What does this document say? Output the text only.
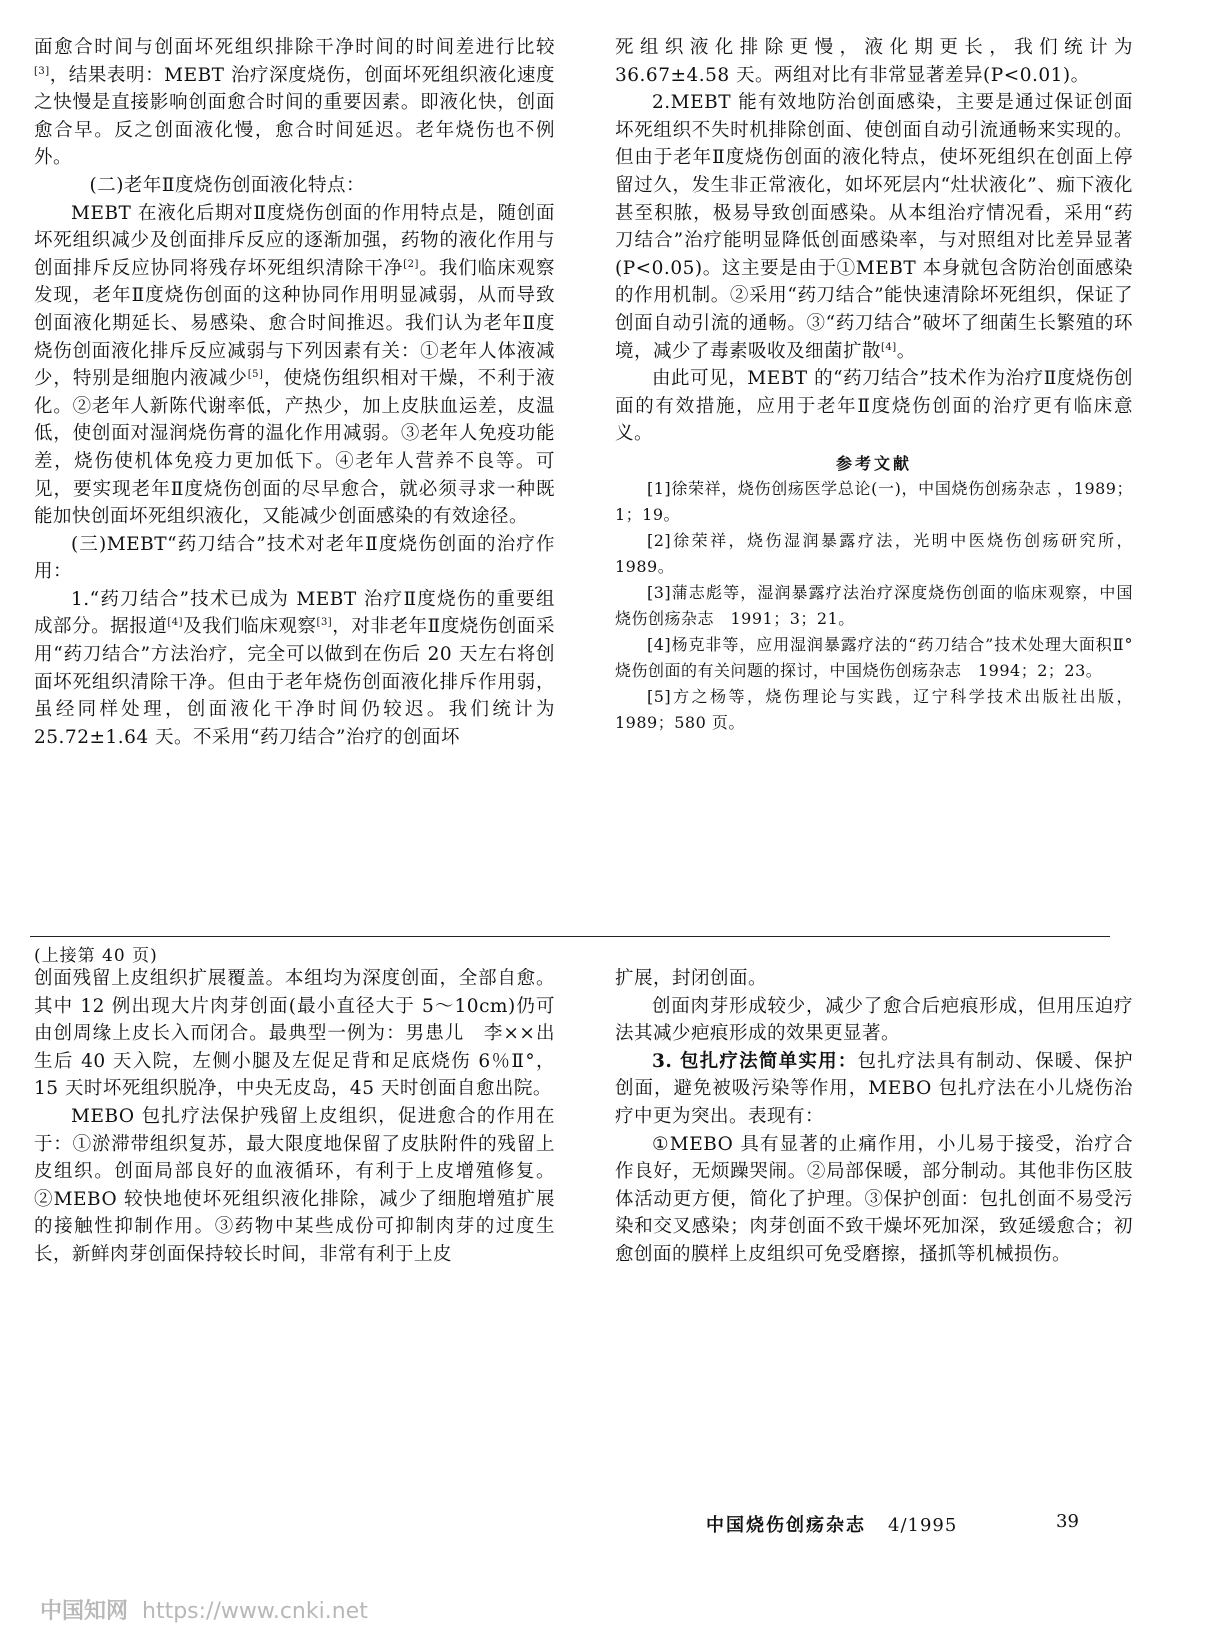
面愈合时间与创面坏死组织排除干净时间的时间差进行比较[3]，结果表明：MEBT 治疗深度烧伤，创面坏死组织液化速度之快慢是直接影响创面愈合时间的重要因素。即液化快，创面愈合早。反之创面液化慢，愈合时间延迟。老年烧伤也不例外。

(二)老年Ⅱ度烧伤创面液化特点：

MEBT 在液化后期对Ⅱ度烧伤创面的作用特点是，随创面坏死组织减少及创面排斥反应的逐渐加强，药物的液化作用与创面排斥反应协同将残存坏死组织清除干净[2]。我们临床观察发现，老年Ⅱ度烧伤创面的这种协同作用明显减弱，从而导致创面液化期延长、易感染、愈合时间推迟。我们认为老年Ⅱ度烧伤创面液化排斥反应减弱与下列因素有关：①老年人体液减少，特别是细胞内液减少[5]，使烧伤组织相对干燥，不利于液化。②老年人新陈代谢率低，产热少，加上皮肤血运差，皮温低，使创面对湿润烧伤膏的温化作用减弱。③老年人免疫功能差，烧伤使机体免疫力更加低下。④老年人营养不良等。可见，要实现老年Ⅱ度烧伤创面的尽早愈合，就必须寻求一种既能加快创面坏死组织液化，又能减少创面感染的有效途径。

(三)MEBT“药刀结合”技术对老年Ⅱ度烧伤创面的治疗作用：

1.“药刀结合”技术已成为 MEBT 治疗Ⅱ度烧伤的重要组成部分。据报道[4]及我们临床观察[3]，对非老年Ⅱ度烧伤创面采用“药刀结合”方法治疗，完全可以做到在伤后 20 天左右将创面坏死组织清除干净。但由于老年烧伤创面液化排斥作用弱，虽经同样处理，创面液化干净时间仍较迟。我们统计为 25.72±1.64 天。不采用“药刀结合”治疗的创面坏

死组织液化排除更慢，液化期更长，我们统计为 36.67±4.58 天。两组对比有非常显著差异(P<0.01)。

2.MEBT 能有效地防治创面感染，主要是通过保证创面坏死组织不失时机排除创面、使创面自动引流通畅来实现的。但由于老年Ⅱ度烧伤创面的液化特点，使坏死组织在创面上停留过久，发生非正常液化，如坏死层内“灶状液化”、痂下液化甚至积脓，极易导致创面感染。从本组治疗情况看，采用“药刀结合”治疗能明显降低创面感染率，与对照组对比差异显著(P<0.05)。这主要是由于①MEBT 本身就包含防治创面感染的作用机制。②采用“药刀结合”能快速清除坏死组织，保证了创面自动引流的通畅。③“药刀结合”破坏了细菌生长繁殖的环境，减少了毒素吸收及细菌扩散[4]。

由此可见，MEBT 的“药刀结合”技术作为治疗Ⅱ度烧伤创面的有效措施，应用于老年Ⅱ度烧伤创面的治疗更有临床意义。

参考文献

[1]徐荣祥，烧伤创疡医学总论(一)，中国烧伤创疡杂志 ，1989；1；19。

[2]徐荣祥，烧伤湿润暴露疗法，光明中医烧伤创疡研究所，1989。

[3]蒲志彪等，湿润暴露疗法治疗深度烧伤创面的临床观察，中国烧伤创疡杂志　1991；3；21。

[4]杨克非等，应用湿润暴露疗法的“药刀结合”技术处理大面积Ⅱ°烧伤创面的有关问题的探讨，中国烧伤创疡杂志　1994；2；23。

[5]方之杨等，烧伤理论与实践，辽宁科学技术出版社出版，1989；580 页。

(上接第 40 页)

创面残留上皮组织扩展覆盖。本组均为深度创面，全部自愈。其中 12 例出现大片肉芽创面(最小直径大于 5～10cm)仍可由创周缘上皮长入而闭合。最典型一例为：男患儿　李××出生后 40 天入院，左侧小腿及左促足背和足底烧伤 6％Ⅱ°，15 天时坏死组织脱净，中央无皮岛，45 天时创面自愈出院。

MEBO 包扎疗法保护残留上皮组织，促进愈合的作用在于：①淤滞带组织复苏，最大限度地保留了皮肤附件的残留上皮组织。创面局部良好的血液循环，有利于上皮增殖修复。②MEBO 较快地使坏死组织液化排除，减少了细胞增殖扩展的接触性抑制作用。③药物中某些成份可抑制肉芽的过度生长，新鲜肉芽创面保持较长时间，非常有利于上皮

扩展，封闭创面。

创面肉芽形成较少，减少了愈合后疤痕形成，但用压迫疗法其减少疤痕形成的效果更显著。

3. 包扎疗法简单实用：包扎疗法具有制动、保暖、保护创面，避免被吸污染等作用，MEBO 包扎疗法在小儿烧伤治疗中更为突出。表现有：

①MEBO 具有显著的止痛作用，小儿易于接受，治疗合作良好，无烦躁哭闹。②局部保暖，部分制动。其他非伤区肢体活动更方便，简化了护理。③保护创面：包扎创面不易受污染和交叉感染；肉芽创面不致干燥坏死加深，致延缓愈合；初愈创面的膜样上皮组织可免受磨擦，搔抓等机械损伤。

中国烧伤创疡杂志 4/1995	39
中国知网 https://www.cnki.net
